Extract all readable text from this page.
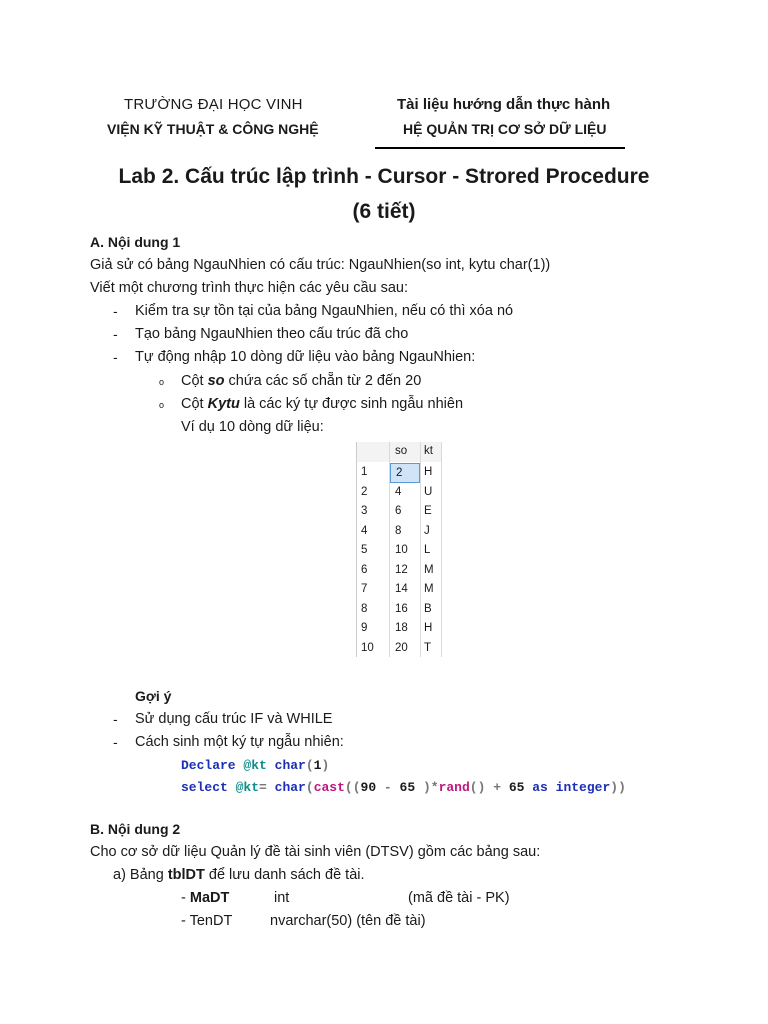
TRƯỜNG ĐẠI HỌC VINH
VIỆN KỸ THUẬT & CÔNG NGHỆ
Tài liệu hướng dẫn thực hành
HỆ QUẢN TRỊ CƠ SỞ DỮ LIỆU
Lab 2. Cấu trúc lập trình - Cursor - Strored Procedure
(6 tiết)
A. Nội dung 1
Giả sử có bảng NgauNhien có cấu trúc: NgauNhien(so int, kytu char(1))
Viết một chương trình thực hiện các yêu cầu sau:
- Kiểm tra sự tồn tại của bảng NgauNhien, nếu có thì xóa nó
- Tạo bảng NgauNhien theo cấu trúc đã cho
- Tự động nhập 10 dòng dữ liệu vào bảng NgauNhien:
o Cột so chứa các số chẵn từ 2 đến 20
o Cột Kytu là các ký tự được sinh ngẫu nhiên
Ví dụ 10 dòng dữ liệu:
so kt
1 2 H
2 4 U
3 6 E
4 8 J
5 10 L
6 12 M
7 14 M
8 16 B
9 18 H
10 20 T
Gợi ý
- Sử dụng cấu trúc IF và WHILE
- Cách sinh một ký tự ngẫu nhiên:
Declare @kt char(1)
select @kt= char(cast((90 - 65 )*rand() + 65 as integer))
B. Nội dung 2
Cho cơ sở dữ liệu Quản lý đề tài sinh viên (DTSV) gồm các bảng sau:
a) Bảng tblDT để lưu danh sách đề tài.
- MaDT	int	(mã đề tài - PK)
- TenDT	nvarchar(50) (tên đề tài)
